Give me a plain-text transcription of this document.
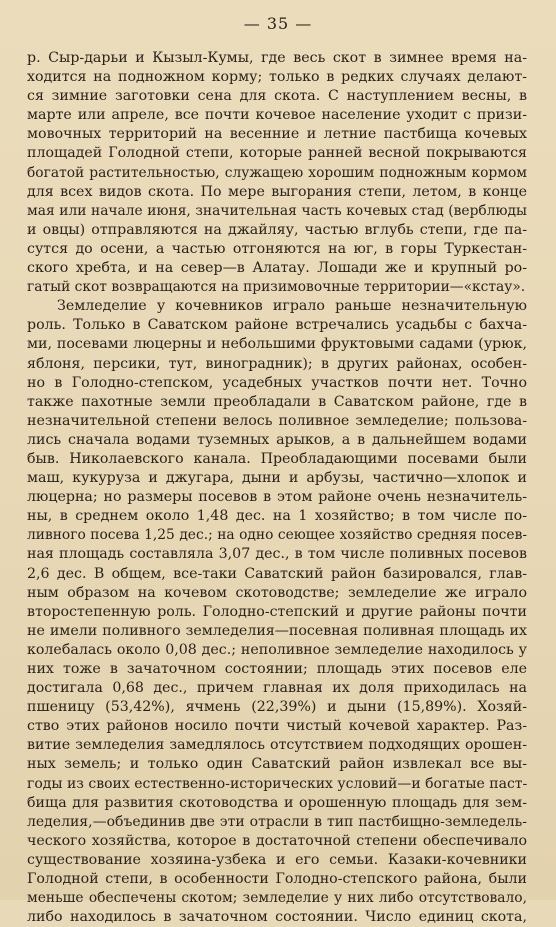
— 35 —
р. Сыр-дарьи и Кызыл-Кумы, где весь скот в зимнее время на-
ходится на подножном корму; только в редких случаях делают-
ся зимние заготовки сена для скота. С наступлением весны, в
марте или апреле, все почти кочевое население уходит с призи-
мовочных территорий на весенние и летние пастбища кочевых
площадей Голодной степи, которые ранней весной покрываются
богатой растительностью, служащею хорошим подножным кормом
для всех видов скота. По мере выгорания степи, летом, в конце
мая или начале июня, значительная часть кочевых стад (верблюды
и овцы) отправляются на джайляу, частью вглубь степи, где па-
сутся до осени, а частью отгоняются на юг, в горы Туркестан-
ского хребта, и на север—в Алатау. Лошади же и крупный ро-
гатый скот возвращаются на призимовочные территории—«кстау».
Земледелие у кочевников играло раньше незначительную
роль. Только в Саватском районе встречались усадьбы с бахча-
ми, посевами люцерны и небольшими фруктовыми садами (урюк,
яблоня, персики, тут, виноградник); в других районах, особен-
но в Голодно-степском, усадебных участков почти нет. Точно
также пахотные земли преобладали в Саватском районе, где в
незначительной степени велось поливное земледелие; пользова-
лись сначала водами туземных арыков, а в дальнейшем водами
быв. Николаевского канала. Преобладающими посевами были
маш, кукуруза и джугара, дыни и арбузы, частично—хлопок и
люцерна; но размеры посевов в этом районе очень незначитель-
ны, в среднем около 1,48 дес. на 1 хозяйство; в том числе по-
ливного посева 1,25 дес.; на одно сеющее хозяйство средняя посев-
ная площадь составляла 3,07 дес., в том числе поливных посевов
2,6 дес. В общем, все-таки Саватский район базировался, глав-
ным образом на кочевом скотоводстве; земледелие же играло
второстепенную роль. Голодно-степский и другие районы почти
не имели поливного земледелия—посевная поливная площадь их
колебалась около 0,08 дес.; неполивное земледелие находилось у
них тоже в зачаточном состоянии; площадь этих посевов еле
достигала 0,68 дес., причем главная их доля приходилась на
пшеницу (53,42%), ячмень (22,39%) и дыни (15,89%). Хозяй-
ство этих районов носило почти чистый кочевой характер. Раз-
витие земледелия замедлялось отсутствием подходящих орошен-
ных земель; и только один Саватский район извлекал все вы-
годы из своих естественно-исторических условий—и богатые паст-
бища для развития скотоводства и орошенную площадь для зем-
леделия,—объединив две эти отрасли в тип пастбищно-земледель-
ческого хозяйства, которое в достаточной степени обеспечивало
существование хозяина-узбека и его семьи. Казаки-кочевники
Голодной степи, в особенности Голодно-степского района, были
меньше обеспечены скотом; земледелие у них либо отсутствовало,
либо находилось в зачаточном состоянии. Число единиц скота,
